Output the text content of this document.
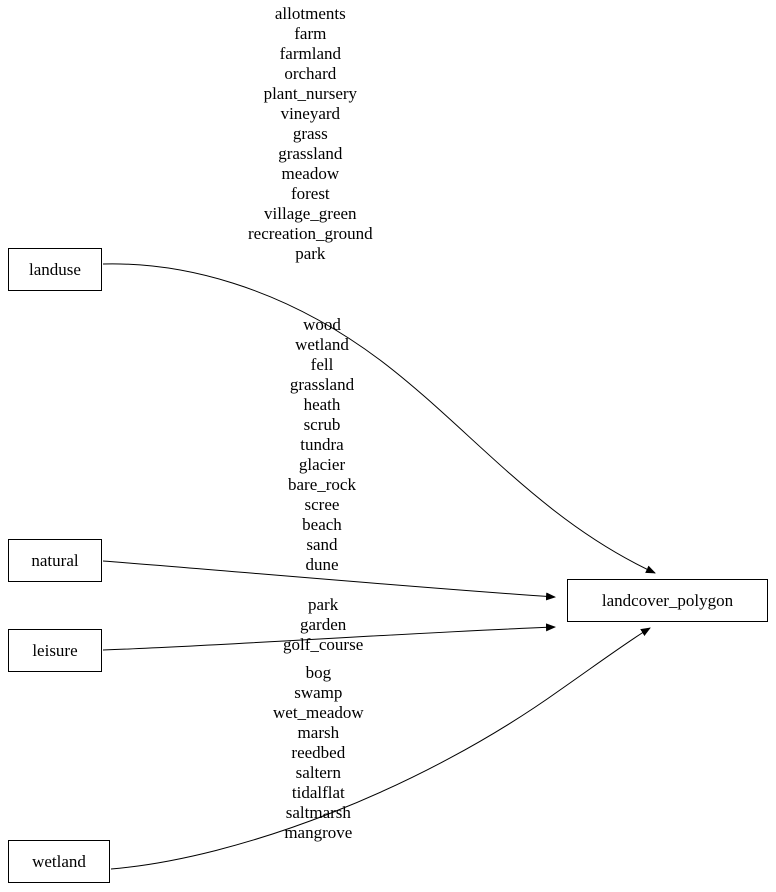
allotments
farm
farmland
orchard
plant_nursery
vineyard
grass
grassland
meadow
forest
village_green
recreation_ground
park
wood
wetland
fell
grassland
heath
scrub
tundra
glacier
bare_rock
scree
beach
sand
dune
park
garden
golf_course
bog
swamp
wet_meadow
marsh
reedbed
saltern
tidalflat
saltmarsh
mangrove
landuse
natural
leisure
wetland
landcover_polygon
